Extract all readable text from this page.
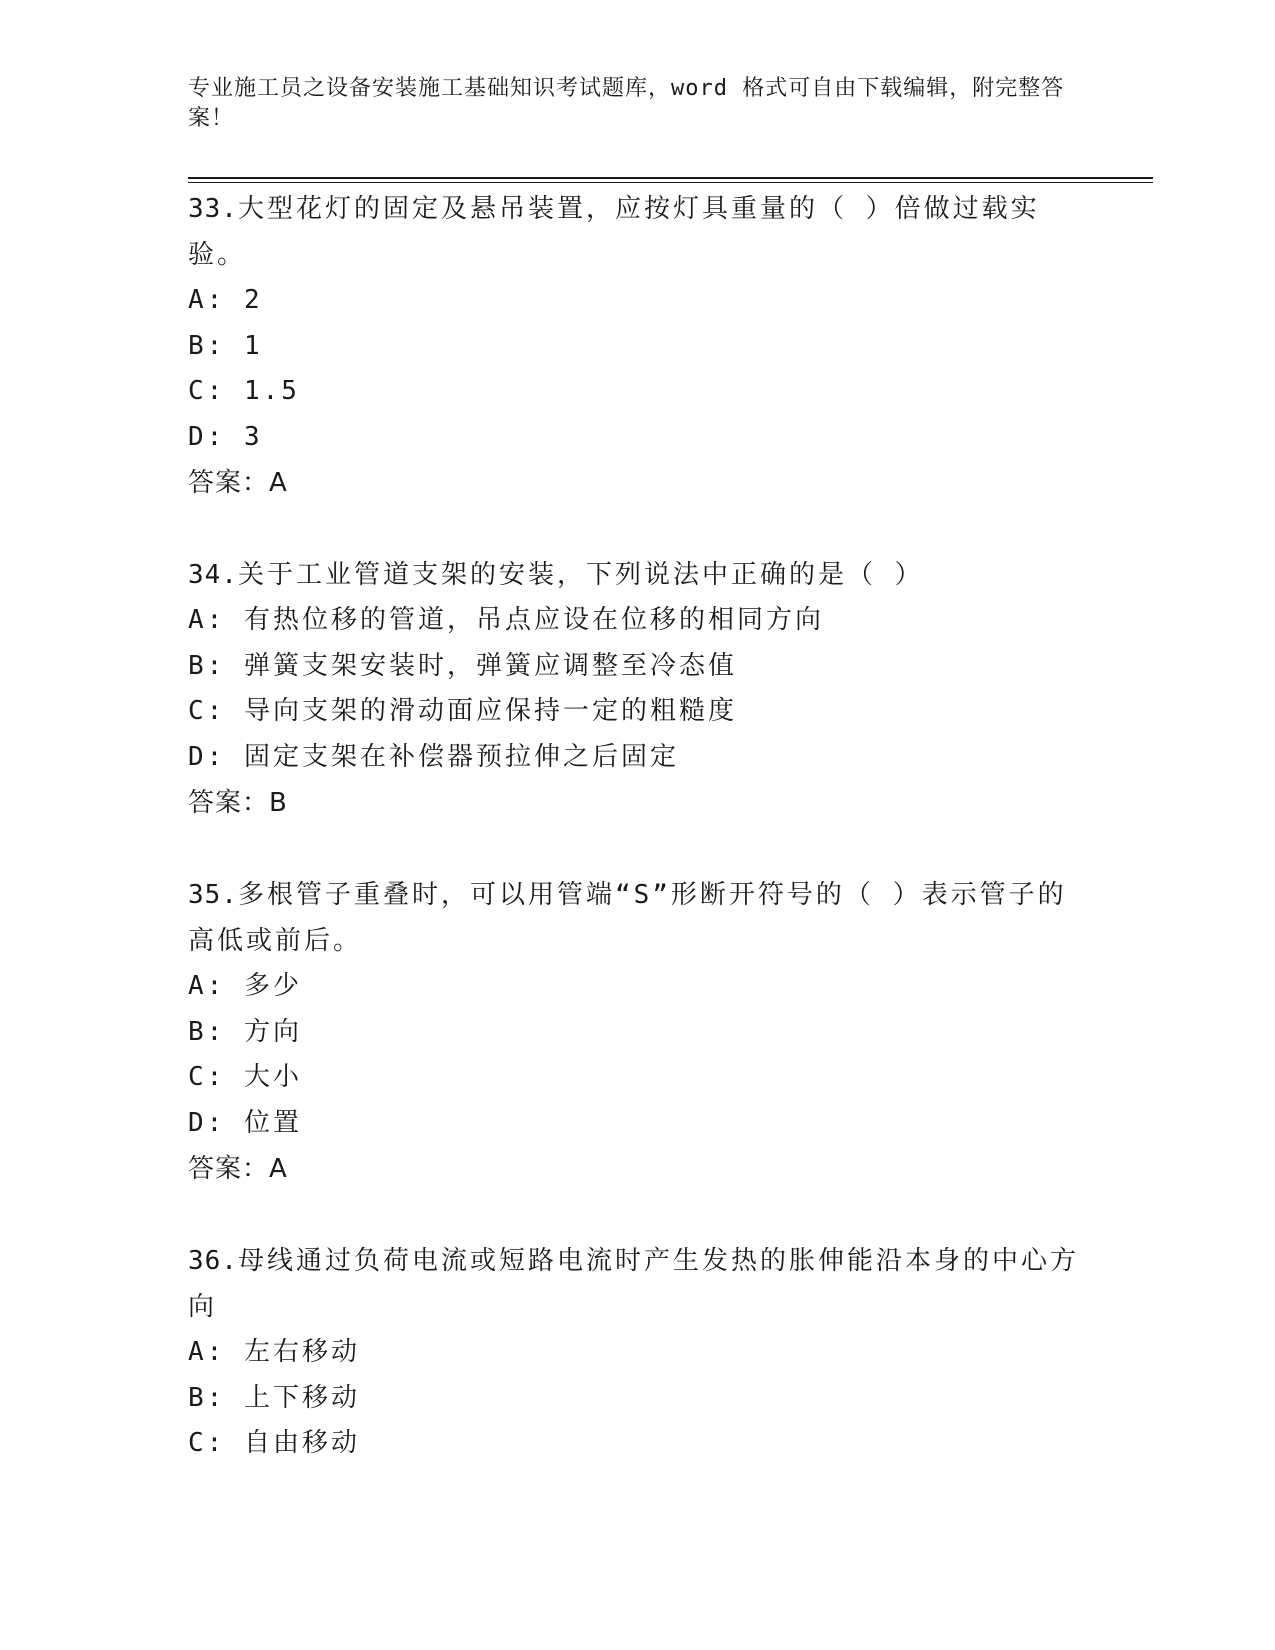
专业施工员之设备安装施工基础知识考试题库，word 格式可自由下载编辑，附完整答案！

33.大型花灯的固定及悬吊装置，应按灯具重量的（ ）倍做过载实验。

A: 2

B: 1

C: 1.5

D: 3

答案：A

34.关于工业管道支架的安装，下列说法中正确的是（ ）

A: 有热位移的管道，吊点应设在位移的相同方向

B: 弹簧支架安装时，弹簧应调整至冷态值

C: 导向支架的滑动面应保持一定的粗糙度

D: 固定支架在补偿器预拉伸之后固定

答案：B

35.多根管子重叠时，可以用管端“S”形断开符号的（ ）表示管子的高低或前后。

A: 多少

B: 方向

C: 大小

D: 位置

答案：A

36.母线通过负荷电流或短路电流时产生发热的胀伸能沿本身的中心方向

A: 左右移动

B: 上下移动

C: 自由移动
